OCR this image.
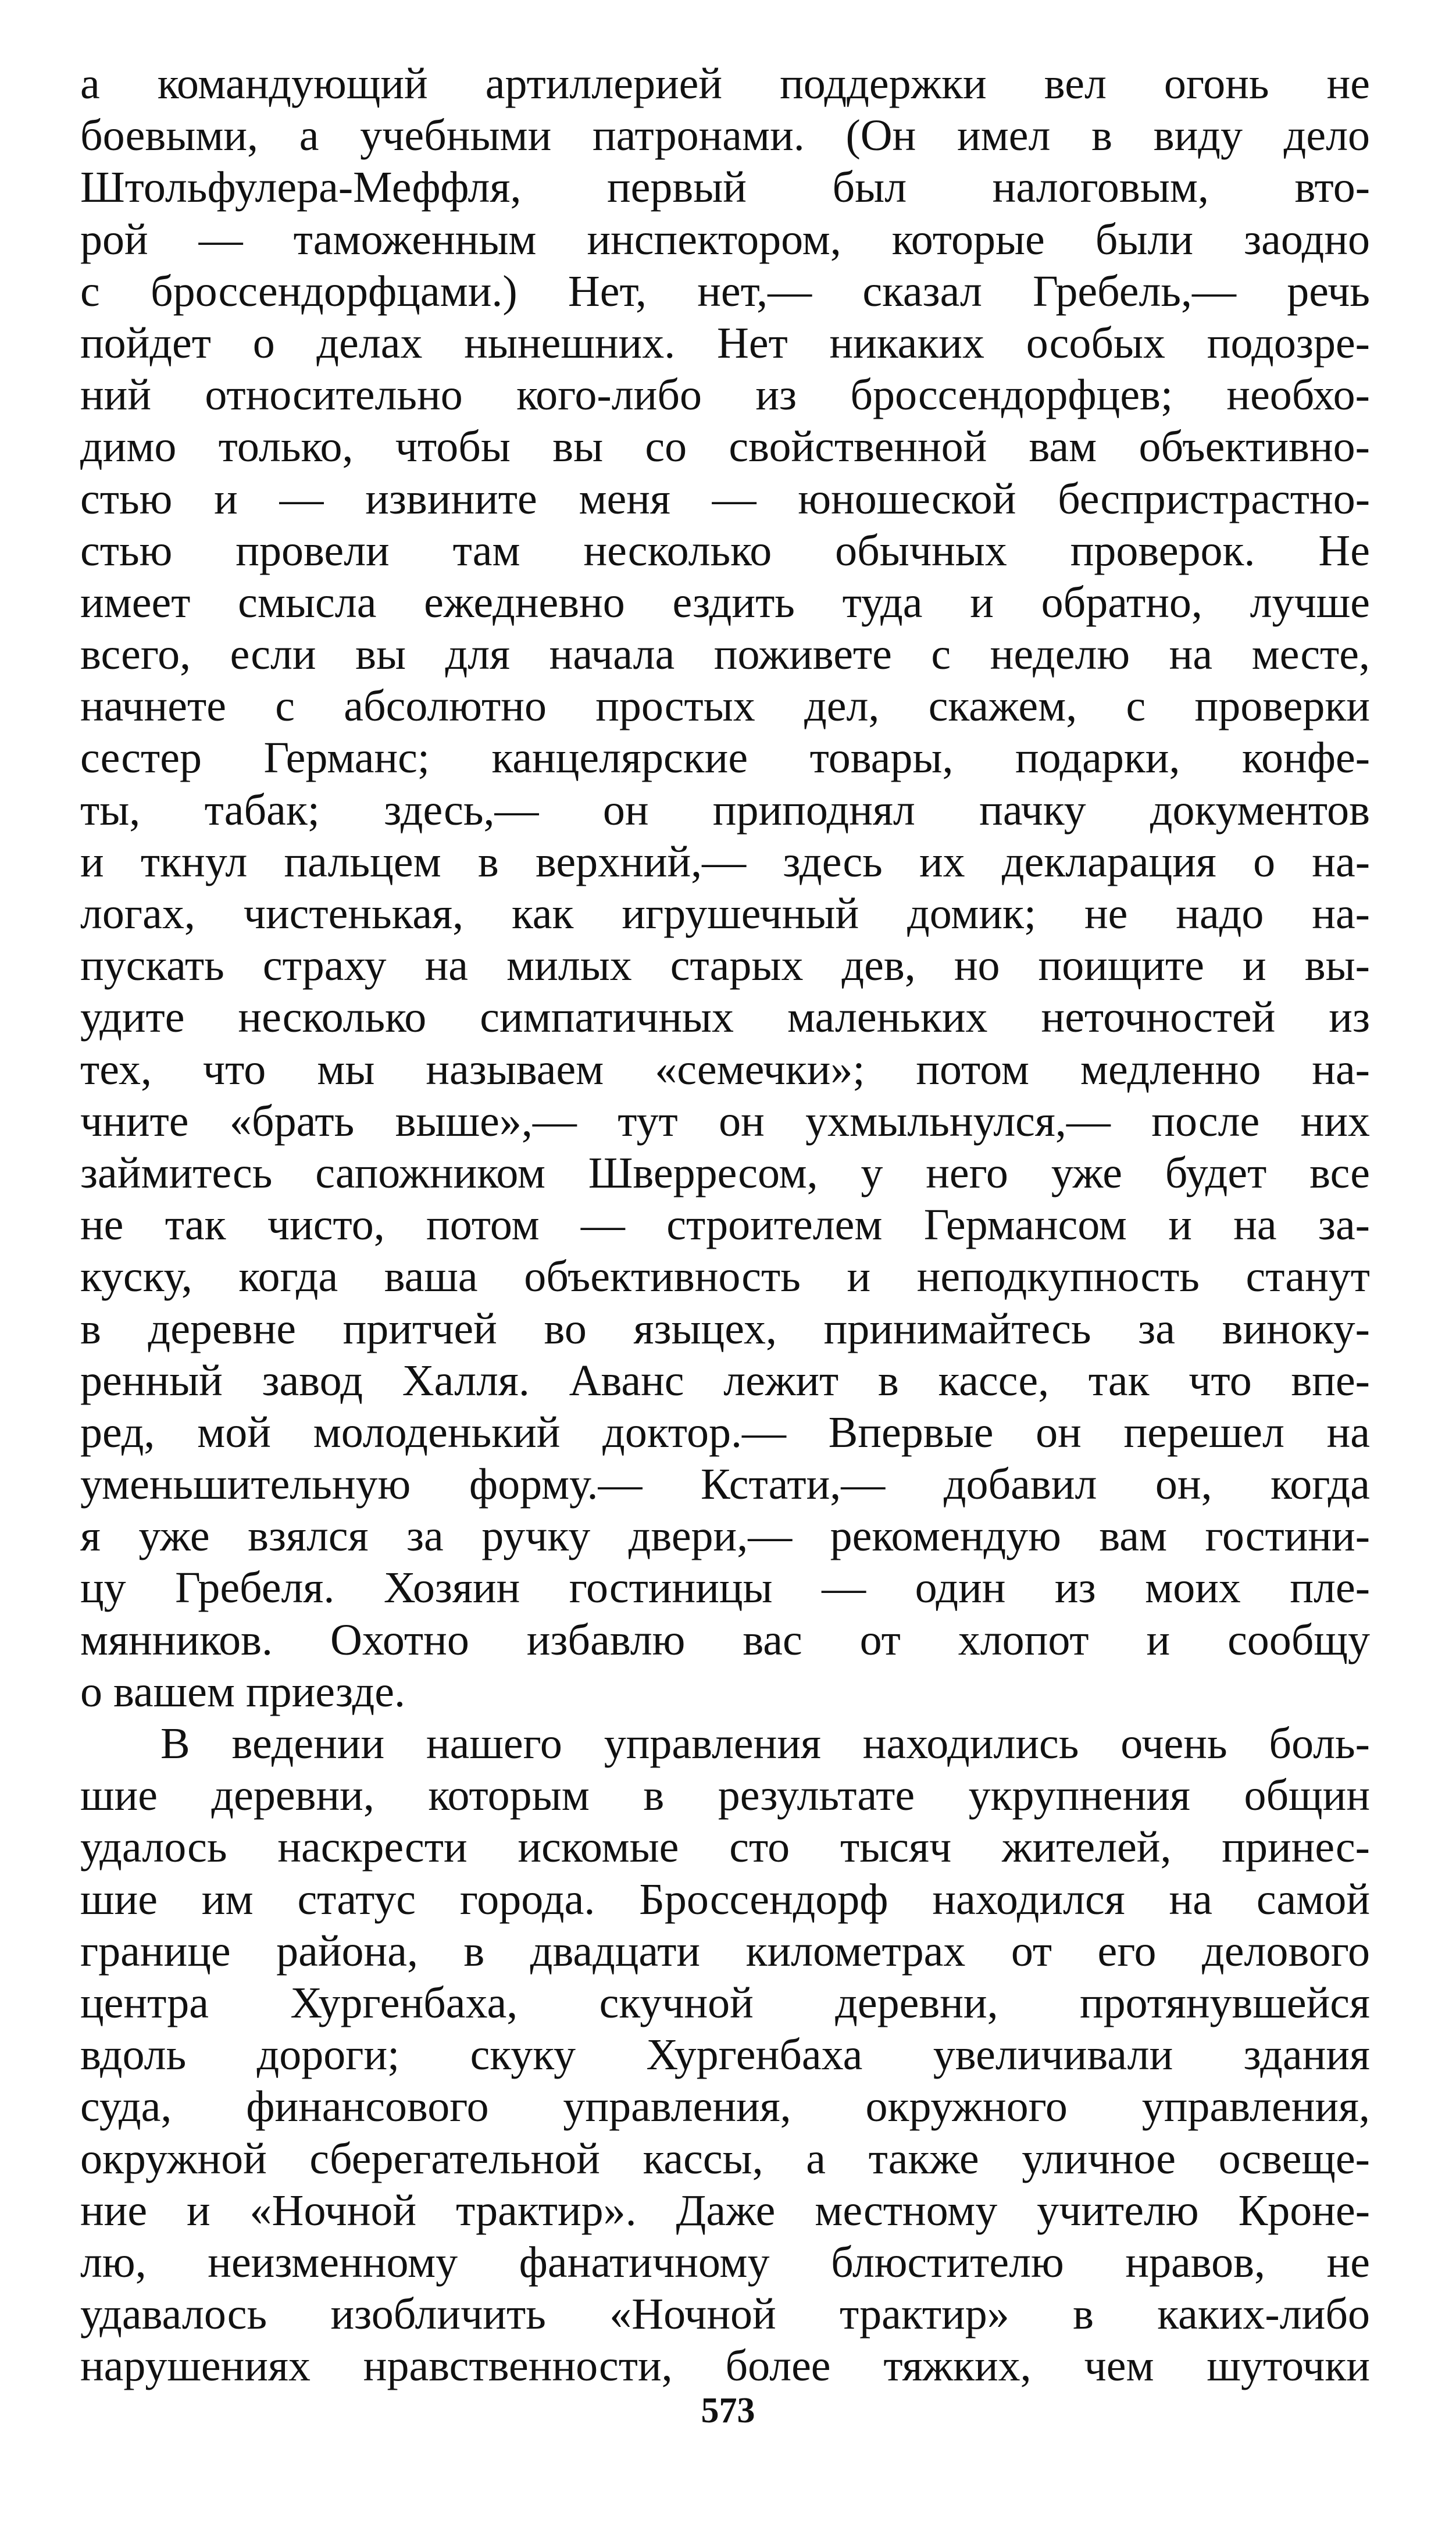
а командующий артиллерией поддержки вел огонь не
боевыми, а учебными патронами. (Он имел в виду дело
Штольфулера-Меффля, первый был налоговым, вто-
рой — таможенным инспектором, которые были заодно
с броссендорфцами.) Нет, нет,— сказал Гребель,— речь
пойдет о делах нынешних. Нет никаких особых подозре-
ний относительно кого-либо из броссендорфцев; необхо-
димо только, чтобы вы со свойственной вам объективно-
стью и — извините меня — юношеской беспристрастно-
стью провели там несколько обычных проверок. Не
имеет смысла ежедневно ездить туда и обратно, лучше
всего, если вы для начала поживете с неделю на месте,
начнете с абсолютно простых дел, скажем, с проверки
сестер Германс; канцелярские товары, подарки, конфе-
ты, табак; здесь,— он приподнял пачку документов
и ткнул пальцем в верхний,— здесь их декларация о на-
логах, чистенькая, как игрушечный домик; не надо на-
пускать страху на милых старых дев, но поищите и вы-
удите несколько симпатичных маленьких неточностей из
тех, что мы называем «семечки»; потом медленно на-
чните «брать выше»,— тут он ухмыльнулся,— после них
займитесь сапожником Шверресом, у него уже будет все
не так чисто, потом — строителем Германсом и на за-
куску, когда ваша объективность и неподкупность станут
в деревне притчей во языцех, принимайтесь за виноку-
ренный завод Халля. Аванс лежит в кассе, так что впе-
ред, мой молоденький доктор.— Впервые он перешел на
уменьшительную форму.— Кстати,— добавил он, когда
я уже взялся за ручку двери,— рекомендую вам гостини-
цу Гребеля. Хозяин гостиницы — один из моих пле-
мянников. Охотно избавлю вас от хлопот и сообщу
о вашем приезде.
В ведении нашего управления находились очень боль-
шие деревни, которым в результате укрупнения общин
удалось наскрести искомые сто тысяч жителей, принес-
шие им статус города. Броссендорф находился на самой
границе района, в двадцати километрах от его делового
центра Хургенбаха, скучной деревни, протянувшейся
вдоль дороги; скуку Хургенбаха увеличивали здания
суда, финансового управления, окружного управления,
окружной сберегательной кассы, а также уличное освеще-
ние и «Ночной трактир». Даже местному учителю Кроне-
лю, неизменному фанатичному блюстителю нравов, не
удавалось изобличить «Ночной трактир» в каких-либо
нарушениях нравственности, более тяжких, чем шуточки
573
